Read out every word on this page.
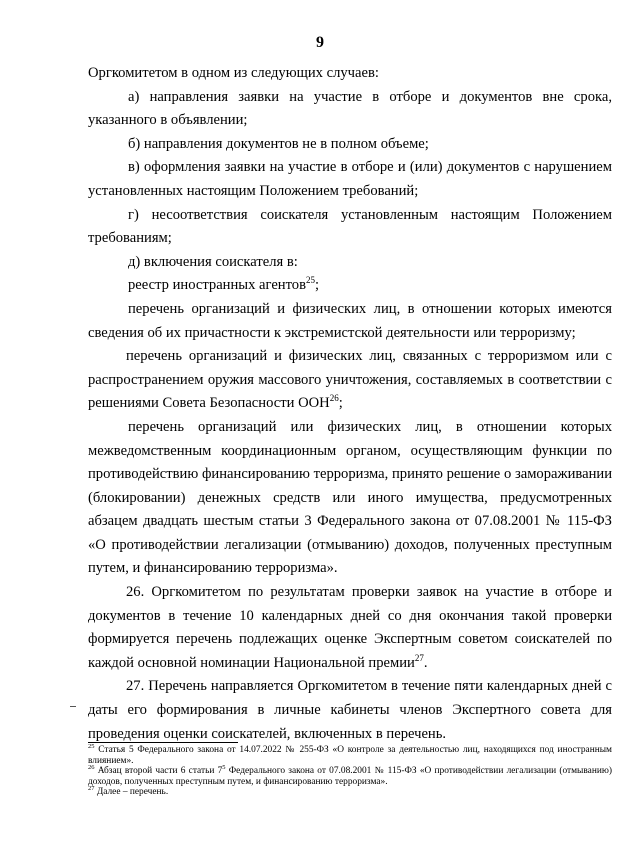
9

Оргкомитетом в одном из следующих случаев:

а) направления заявки на участие в отборе и документов вне срока, указанного в объявлении;

б) направления документов не в полном объеме;

в) оформления заявки на участие в отборе и (или) документов с нарушением установленных настоящим Положением требований;

г) несоответствия соискателя установленным настоящим Положением требованиям;

д) включения соискателя в:

реестр иностранных агентов$^{25}$;

перечень организаций и физических лиц, в отношении которых имеются сведения об их причастности к экстремистской деятельности или терроризму;

перечень организаций и физических лиц, связанных с терроризмом или с распространением оружия массового уничтожения, составляемых в соответствии с решениями Совета Безопасности ООН$^{26}$;

перечень организаций или физических лиц, в отношении которых межведомственным координационным органом, осуществляющим функции по противодействию финансированию терроризма, принято решение о замораживании (блокировании) денежных средств или иного имущества, предусмотренных абзацем двадцать шестым статьи 3 Федерального закона от 07.08.2001 № 115-ФЗ «О противодействии легализации (отмыванию) доходов, полученных преступным путем, и финансированию терроризма».

26. Оргкомитетом по результатам проверки заявок на участие в отборе и документов в течение 10 календарных дней со дня окончания такой проверки формируется перечень подлежащих оценке Экспертным советом соискателей по каждой основной номинации Национальной премии$^{27}$.

27. Перечень направляется Оргкомитетом в течение пяти календарных дней с даты его формирования в личные кабинеты членов Экспертного совета для проведения оценки соискателей, включенных в перечень.

$^{25}$ Статья 5 Федерального закона от 14.07.2022 № 255-ФЗ «О контроле за деятельностью лиц, находящихся под иностранным влиянием».

$^{26}$ Абзац второй части 6 статьи $7^5$ Федерального закона от 07.08.2001 № 115-ФЗ «О противодействии легализации (отмыванию) доходов, полученных преступным путем, и финансированию терроризма».

$^{27}$ Далее – перечень.
